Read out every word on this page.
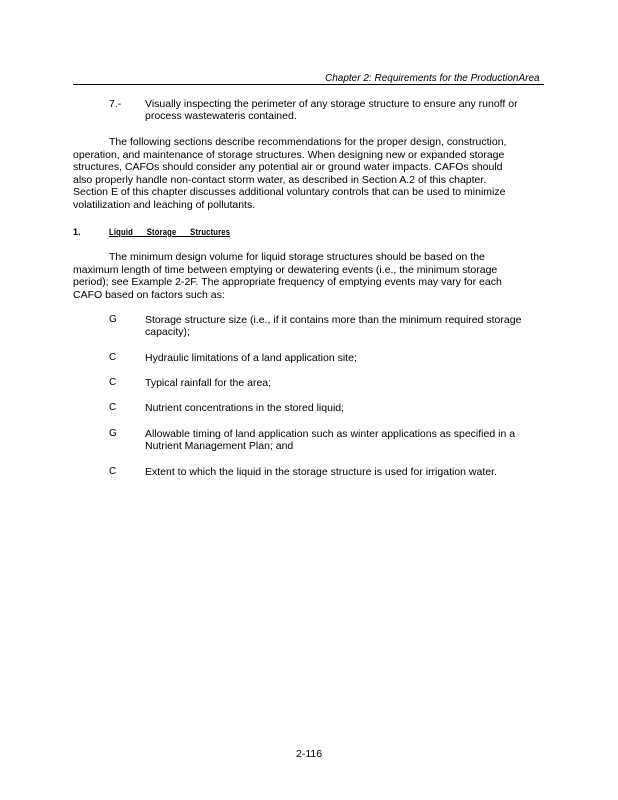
Chapter 2: Requirements for the ProductionArea
7.- Visually inspecting the perimeter of any storage structure to ensure any runoff or
process wastewateris contained.
The following sections describe recommendations for the proper design, construction,
operation, and maintenance of storage structures. When designing new or expanded storage
structures, CAFOs should consider any potential air or ground water impacts. CAFOs should
also properly handle non-contact storm water, as described in Section A.2 of this chapter.
Section E of this chapter discusses additional voluntary controls that can be used to minimize
volatilization and leaching of pollutants.
1.	Liquid      Storage      Structures
The minimum design volume for liquid storage structures should be based on the
maximum length of time between emptying or dewatering events (i.e., the minimum storage
period); see Example 2-2F. The appropriate frequency of emptying events may vary for each
CAFO based on factors such as:
G	Storage structure size (i.e., if it contains more than the minimum required storage
capacity);
C	Hydraulic limitations of a land application site;
C	Typical rainfall for the area;
C	Nutrient concentrations in the stored liquid;
G	Allowable timing of land application such as winter applications as specified in a
Nutrient Management Plan; and
C	Extent to which the liquid in the storage structure is used for irrigation water.
2-116
